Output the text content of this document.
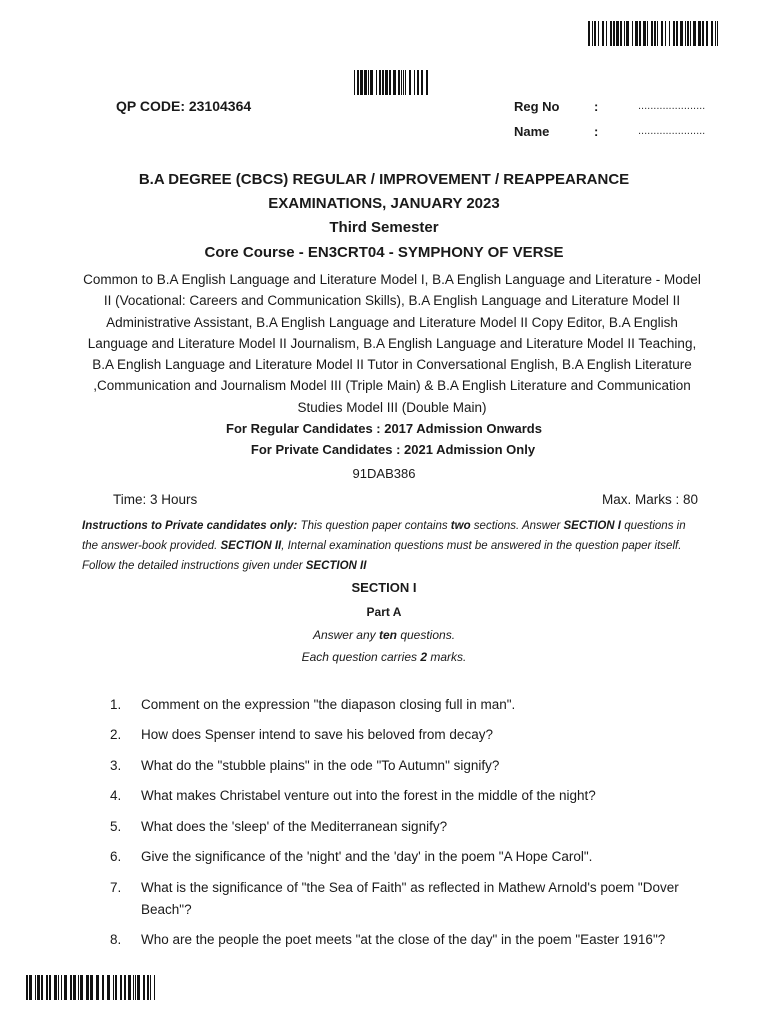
QP CODE: 23104364	Reg No	:	......................
Name	:	......................
B.A DEGREE (CBCS) REGULAR / IMPROVEMENT / REAPPEARANCE
EXAMINATIONS, JANUARY 2023
Third Semester
Core Course - EN3CRT04 - SYMPHONY OF VERSE
Common to B.A English Language and Literature Model I, B.A English Language and Literature - Model II (Vocational: Careers and Communication Skills), B.A English Language and Literature Model II Administrative Assistant, B.A English Language and Literature Model II Copy Editor, B.A English Language and Literature Model II Journalism, B.A English Language and Literature Model II Teaching, B.A English Language and Literature Model II Tutor in Conversational English, B.A English Literature ,Communication and Journalism Model III (Triple Main) & B.A English Literature and Communication Studies Model III (Double Main)
For Regular Candidates : 2017 Admission Onwards
For Private Candidates : 2021 Admission Only
91DAB386
Time: 3 Hours	Max. Marks : 80
Instructions to Private candidates only: This question paper contains two sections. Answer SECTION I questions in the answer-book provided. SECTION II, Internal examination questions must be answered in the question paper itself. Follow the detailed instructions given under SECTION II
SECTION I
Part A
Answer any ten questions.
Each question carries 2 marks.
1. Comment on the expression "the diapason closing full in man".
2. How does Spenser intend to save his beloved from decay?
3. What do the "stubble plains" in the ode "To Autumn" signify?
4. What makes Christabel venture out into the forest in the middle of the night?
5. What does the 'sleep' of the Mediterranean signify?
6. Give the significance of the 'night' and the 'day' in the poem "A Hope Carol".
7. What is the significance of "the Sea of Faith" as reflected in Mathew Arnold's poem "Dover Beach"?
8. Who are the people the poet meets "at the close of the day" in the poem "Easter 1916"?
